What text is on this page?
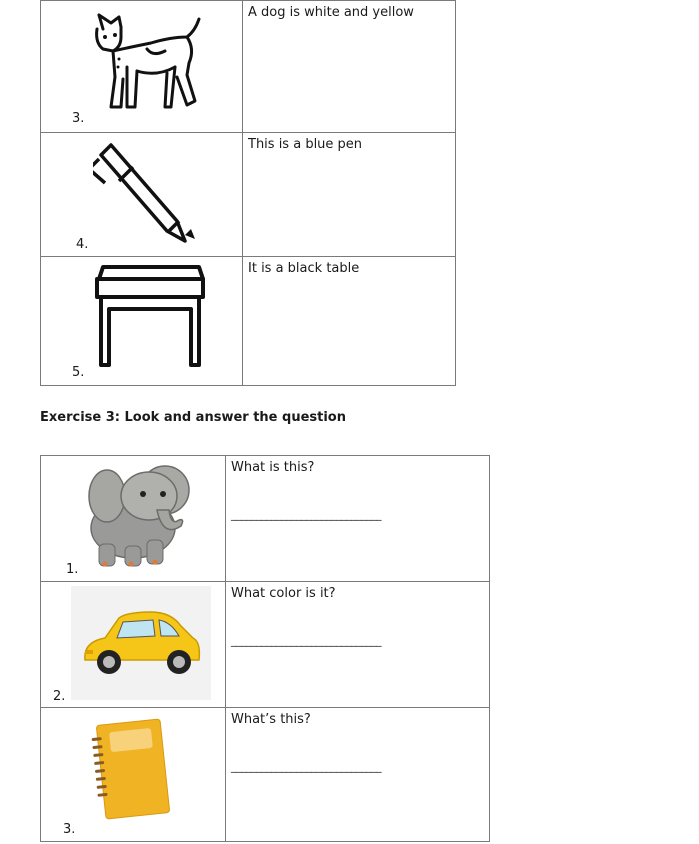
3.	A dog is white and yellow

4.	This is a blue pen

5.	It is a black table
Exercise 3: Look and answer the question
1.	What is this?
______________________________

2.	What color is it?
______________________________

3.	What’s this?
______________________________
